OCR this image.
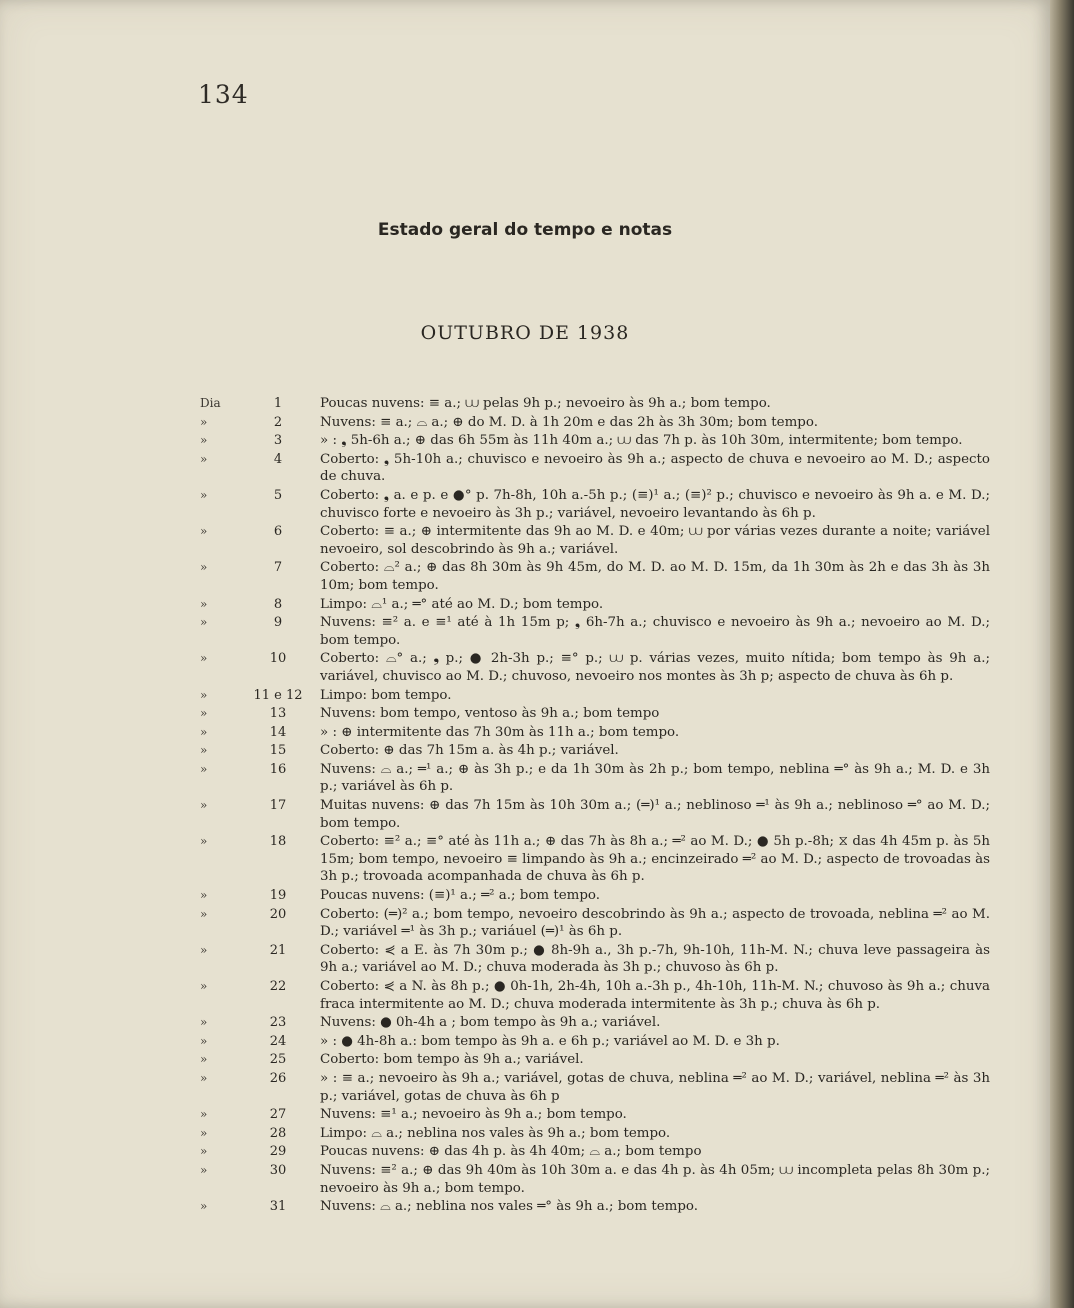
134
Estado geral do tempo e notas
OUTUBRO DE 1938
Dia	1	Poucas nuvens: ≡ a.; ⩊ pelas 9h p.; nevoeiro às 9h a.; bom tempo.
»	2	Nuvens: ≡ a.; ⌓ a.; ⊕ do M. D. à 1h 20m e das 2h às 3h 30m; bom tempo.
»	3	» : ❟ 5h-6h a.; ⊕ das 6h 55m às 11h 40m a.; ⩊ das 7h p. às 10h 30m, intermitente; bom tempo.
»	4	Coberto: ❟ 5h-10h a.; chuvisco e nevoeiro às 9h a.; aspecto de chuva e nevoeiro ao M. D.; aspecto de chuva.
»	5	Coberto: ❟ a. e p. e ●° p. 7h-8h, 10h a.-5h p.; (≡)¹ a.; (≡)² p.; chuvisco e nevoeiro às 9h a. e M. D.; chuvisco forte e nevoeiro às 3h p.; variável, nevoeiro levantando às 6h p.
»	6	Coberto: ≡ a.; ⊕ intermitente das 9h ao M. D. e 40m; ⩊ por várias vezes durante a noite; variável nevoeiro, sol descobrindo às 9h a.; variável.
»	7	Coberto: ⌓² a.; ⊕ das 8h 30m às 9h 45m, do M. D. ao M. D. 15m, da 1h 30m às 2h e das 3h às 3h 10m; bom tempo.
»	8	Limpo: ⌓¹ a.; ═° até ao M. D.; bom tempo.
»	9	Nuvens: ≡² a. e ≡¹ até à 1h 15m p; ❟ 6h-7h a.; chuvisco e nevoeiro às 9h a.; nevoeiro ao M. D.; bom tempo.
»	10	Coberto: ⌓° a.; ❟ p.; ● 2h-3h p.; ≡° p.; ⩊ p. várias vezes, muito nítida; bom tempo às 9h a.; variável, chuvisco ao M. D.; chuvoso, nevoeiro nos montes às 3h p; aspecto de chuva às 6h p.
»	11 e 12	Limpo: bom tempo.
»	13	Nuvens: bom tempo, ventoso às 9h a.; bom tempo
»	14	» : ⊕ intermitente das 7h 30m às 11h a.; bom tempo.
»	15	Coberto: ⊕ das 7h 15m a. às 4h p.; variável.
»	16	Nuvens: ⌓ a.; ═¹ a.; ⊕ às 3h p.; e da 1h 30m às 2h p.; bom tempo, neblina ═° às 9h a.; M. D. e 3h p.; variável às 6h p.
»	17	Muitas nuvens: ⊕ das 7h 15m às 10h 30m a.; (═)¹ a.; neblinoso ═¹ às 9h a.; neblinoso ═° ao M. D.; bom tempo.
»	18	Coberto: ≡² a.; ≡° até às 11h a.; ⊕ das 7h às 8h a.; ═² ao M. D.; ● 5h p.-8h; ⧖ das 4h 45m p. às 5h 15m; bom tempo, nevoeiro ≡ limpando às 9h a.; encinzeirado ═² ao M. D.; aspecto de trovoadas às 3h p.; trovoada acompanhada de chuva às 6h p.
»	19	Poucas nuvens: (≡)¹ a.; ═² a.; bom tempo.
»	20	Coberto: (═)² a.; bom tempo, nevoeiro descobrindo às 9h a.; aspecto de trovoada, neblina ═² ao M. D.; variável ═¹ às 3h p.; variáuel (═)¹ às 6h p.
»	21	Coberto: ⋞ a E. às 7h 30m p.; ● 8h-9h a., 3h p.-7h, 9h-10h, 11h-M. N.; chuva leve passageira às 9h a.; variável ao M. D.; chuva moderada às 3h p.; chuvoso às 6h p.
»	22	Coberto: ⋞ a N. às 8h p.; ● 0h-1h, 2h-4h, 10h a.-3h p., 4h-10h, 11h-M. N.; chuvoso às 9h a.; chuva fraca intermitente ao M. D.; chuva moderada intermitente às 3h p.; chuva às 6h p.
»	23	Nuvens: ● 0h-4h a ; bom tempo às 9h a.; variável.
»	24	» : ● 4h-8h a.: bom tempo às 9h a. e 6h p.; variável ao M. D. e 3h p.
»	25	Coberto: bom tempo às 9h a.; variável.
»	26	» : ≡ a.; nevoeiro às 9h a.; variável, gotas de chuva, neblina ═² ao M. D.; variável, neblina ═² às 3h p.; variável, gotas de chuva às 6h p
»	27	Nuvens: ≡¹ a.; nevoeiro às 9h a.; bom tempo.
»	28	Limpo: ⌓ a.; neblina nos vales às 9h a.; bom tempo.
»	29	Poucas nuvens: ⊕ das 4h p. às 4h 40m; ⌓ a.; bom tempo
»	30	Nuvens: ≡² a.; ⊕ das 9h 40m às 10h 30m a. e das 4h p. às 4h 05m; ⩊ incompleta pelas 8h 30m p.; nevoeiro às 9h a.; bom tempo.
»	31	Nuvens: ⌓ a.; neblina nos vales ═° às 9h a.; bom tempo.
